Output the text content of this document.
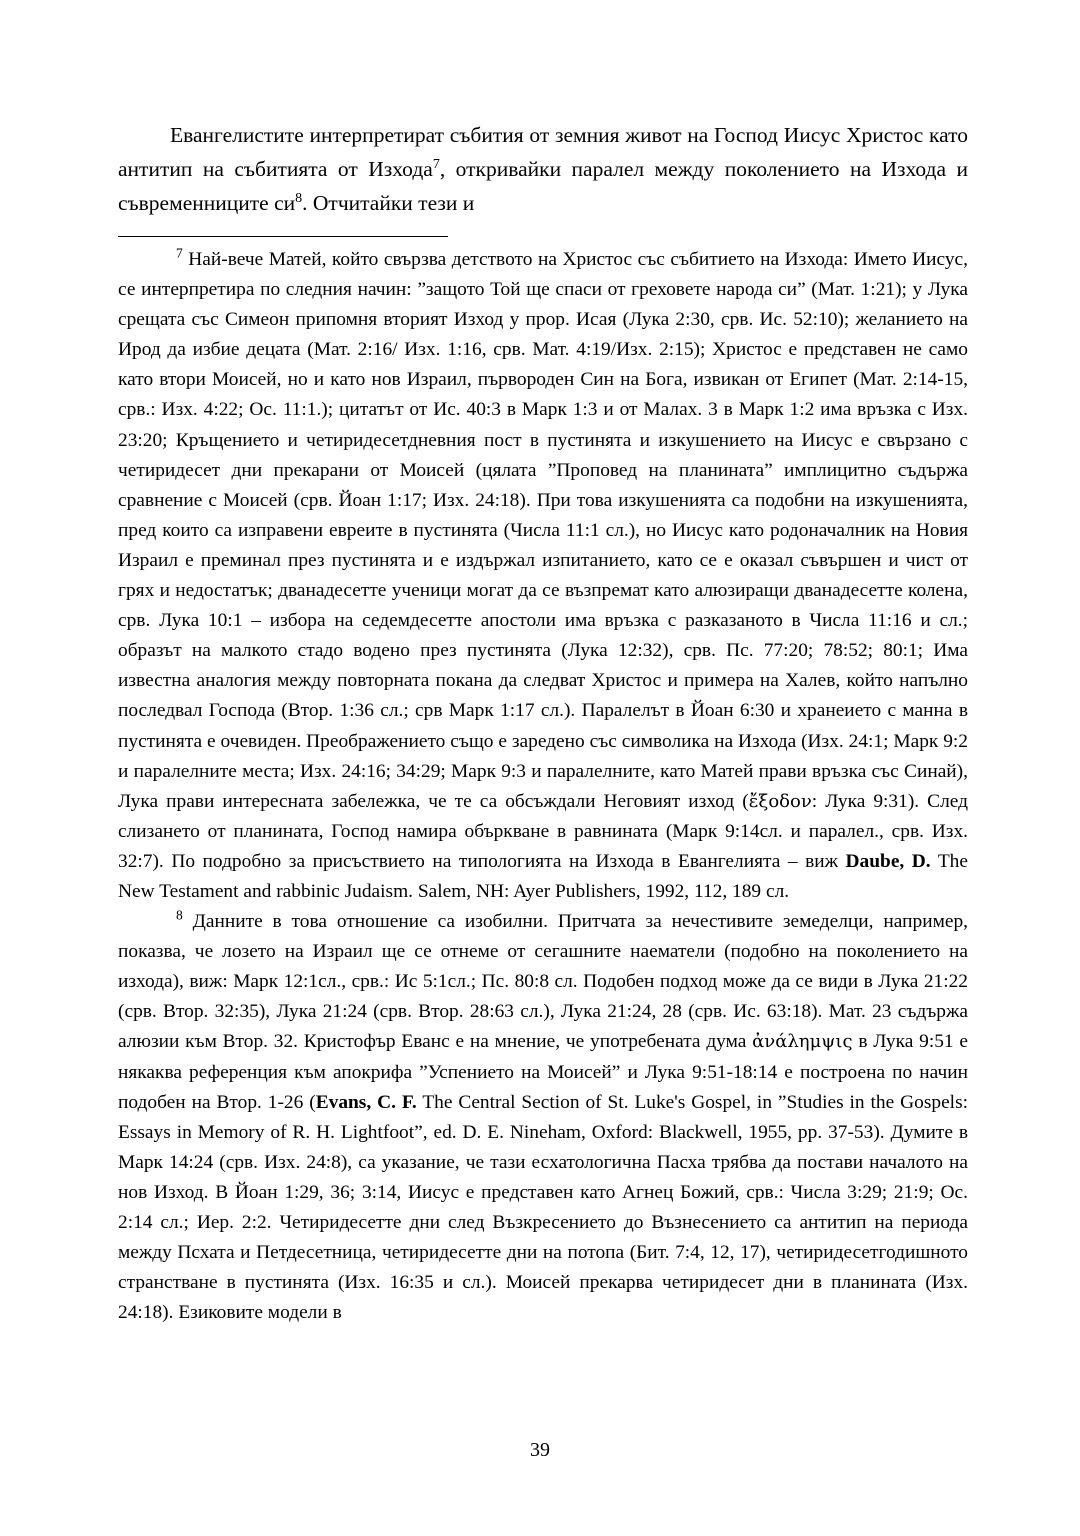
Евангелистите интерпретират събития от земния живот на Господ Иисус Христос като антитип на събитията от Изхода$^7$, откривайки паралел между поколението на Изхода и съвременниците $си^8$. Отчитайки тези и

$^7$ Най-вече Матей, който свързва детството на Христос със събитието на Изхода: Името Иисус, се интерпретира по следния начин: ”защото Той ще спаси от греховете народа си” (Мат. 1:21); у Лука срещата със Симеон припомня вторият Изход у прор. Исая (Лука 2:30, срв. Ис. 52:10); желанието на Ирод да избие децата (Мат. 2:16/ Изх. 1:16, срв. Мат. 4:19/Изх. 2:15); Христос е представен не само като втори Моисей, но и като нов Израил, първороден Син на Бога, извикан от Египет (Мат. 2:14-15, срв.: Изх. 4:22; Ос. 11:1.); цитатът от Ис. 40:3 в Марк 1:3 и от Малах. 3 в Марк 1:2 има връзка с Изх. 23:20; Кръщението и четиридесетдневния пост в пустинята и изкушението на Иисус е свързано с четиридесет дни прекарани от Моисей (цялата ”Проповед на планината” имплицитно съдържа сравнение с Моисей (срв. Йоан 1:17; Изх. 24:18). При това изкушенията са подобни на изкушенията, пред които са изправени евреите в пустинята (Числа 11:1 сл.), но Иисус като родоначалник на Новия Израил е преминал през пустинята и е издържал изпитанието, като се е оказал съвършен и чист от грях и недостатък; дванадесетте ученици могат да се възпремат като алюзиращи дванадесетте колена, срв. Лука 10:1 – избора на седемдесетте апостоли има връзка с разказаното в Числа 11:16 и сл.; образът на малкото стадо водено през пустинята (Лука 12:32), срв. Пс. 77:20; 78:52; 80:1; Има известна аналогия между повторната покана да следват Христос и примера на Халев, който напълно последвал Господа (Втор. 1:36 сл.; срв Марк 1:17 сл.). Паралелът в Йоан 6:30 и хранеието с манна в пустинята е очевиден. Преображението също е заредено със символика на Изхода (Изх. 24:1; Марк 9:2 и паралелните места; Изх. 24:16; 34:29; Марк 9:3 и паралелните, като Матей прави връзка със Синай), Лука прави интересната забележка, че те са обсъждали Неговият изход (ἔξοδον: Лука 9:31). След слизането от планината, Господ намира объркване в равнината (Марк 9:14сл. и паралел., срв. Изх. 32:7). По подробно за присъствието на типологията на Изхода в Евангелията – виж Daube, D. The New Testament and rabbinic Judaism. Salem, NH: Ayer Publishers, 1992, 112, 189 сл.

$^8$ Данните в това отношение са изобилни. Притчата за нечестивите земеделци, например, показва, че лозето на Израил ще се отнеме от сегашните наематели (подобно на поколението на изхода), виж: Марк 12:1сл., срв.: Ис 5:1сл.; Пс. 80:8 сл. Подобен подход може да се види в Лука 21:22 (срв. Втор. 32:35), Лука 21:24 (срв. Втор. 28:63 сл.), Лука 21:24, 28 (срв. Ис. 63:18). Мат. 23 съдържа алюзии към Втор. 32. Кристофър Еванс е на мнение, че употребената дума ἀνάλημψις в Лука 9:51 е някаква референция към апокрифа ”Успението на Моисей” и Лука 9:51-18:14 е построена по начин подобен на Втор. 1-26 (Evans, C. F. The Central Section of St. Luke's Gospel, in ”Studies in the Gospels: Essays in Memory of R. H. Lightfoot”, ed. D. E. Nineham, Oxford: Blackwell, 1955, pp. 37-53). Думите в Марк 14:24 (срв. Изх. 24:8), са указание, че тази есхатологична Пасха трябва да постави началото на нов Изход. В Йоан 1:29, 36; 3:14, Иисус е представен като Агнец Божий, срв.: Числа 3:29; 21:9; Ос. 2:14 сл.; Иер. 2:2. Четиридесетте дни след Възкресението до Възнесението са антитип на периода между Псхата и Петдесетница, четиридесетте дни на потопа (Бит. 7:4, 12, 17), четиридесетгодишното странстване в пустинята (Изх. 16:35 и сл.). Моисей прекарва четиридесет дни в планината (Изх. 24:18). Езиковите модели в

39
